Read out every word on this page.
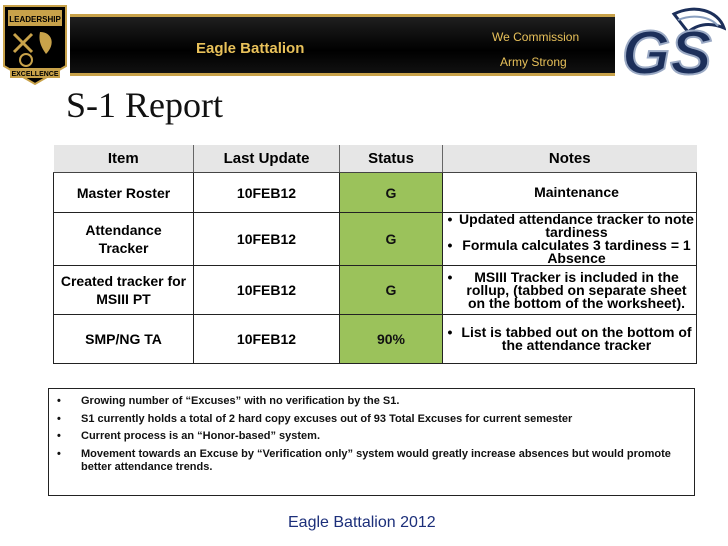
LEADERSHIP
EXCELLENCE
Eagle Battalion
We Commission
Army Strong GS
S-1 Report
Item	Last Update	Status	Notes
Master Roster	10FEB12	G	Maintenance

Attendance Tracker	10FEB12	G	• Updated attendance tracker to note tardiness
• Formula calculates 3 tardiness = 1 Absence

Created tracker for MSIII PT	10FEB12	G	• MSIII Tracker is included in the rollup, (tabbed on separate sheet on the bottom of the worksheet).

SMP/NG TA	10FEB12	90%	• List is tabbed out on the bottom of the attendance tracker
•	Growing number of “Excuses” with no verification by the S1.
•	S1 currently holds a total of 2 hard copy excuses out of 93 Total Excuses for current semester
•	Current process is an “Honor-based” system.
•	Movement towards an Excuse by “Verification only” system would greatly increase absences but would promote better attendance trends.
Eagle Battalion 2012
